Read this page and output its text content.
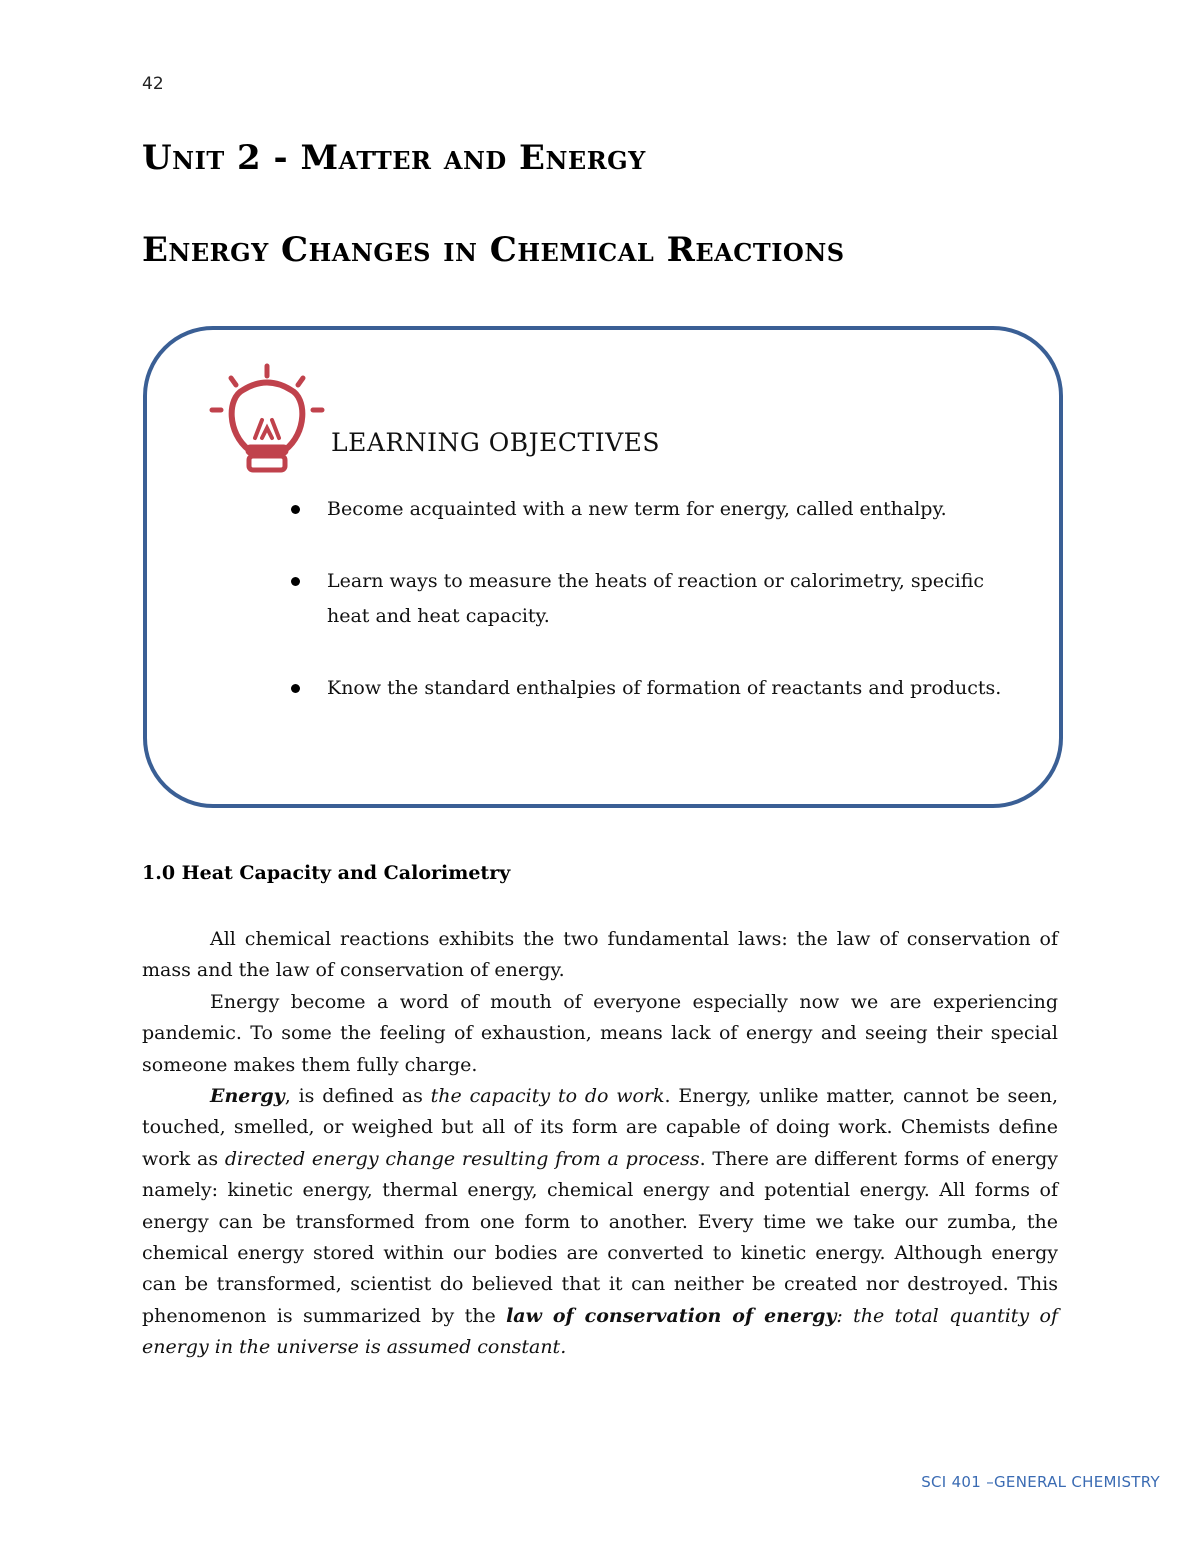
42
Unit 2 - Matter and Energy
Energy Changes in Chemical Reactions
LEARNING OBJECTIVES
Become acquainted with a new term for energy, called enthalpy.
Learn ways to measure the heats of reaction or calorimetry, specific heat and heat capacity.
Know the standard enthalpies of formation of reactants and products.
1.0 Heat Capacity and Calorimetry

All chemical reactions exhibits the two fundamental laws: the law of conservation of mass and the law of conservation of energy.

Energy become a word of mouth of everyone especially now we are experiencing pandemic. To some the feeling of exhaustion, means lack of energy and seeing their special someone makes them fully charge.

Energy, is defined as the capacity to do work. Energy, unlike matter, cannot be seen, touched, smelled, or weighed but all of its form are capable of doing work. Chemists define work as directed energy change resulting from a process. There are different forms of energy namely: kinetic energy, thermal energy, chemical energy and potential energy. All forms of energy can be transformed from one form to another. Every time we take our zumba, the chemical energy stored within our bodies are converted to kinetic energy. Although energy can be transformed, scientist do believed that it can neither be created nor destroyed. This phenomenon is summarized by the law of conservation of energy: the total quantity of energy in the universe is assumed constant.

SCI 401 –GENERAL CHEMISTRY
